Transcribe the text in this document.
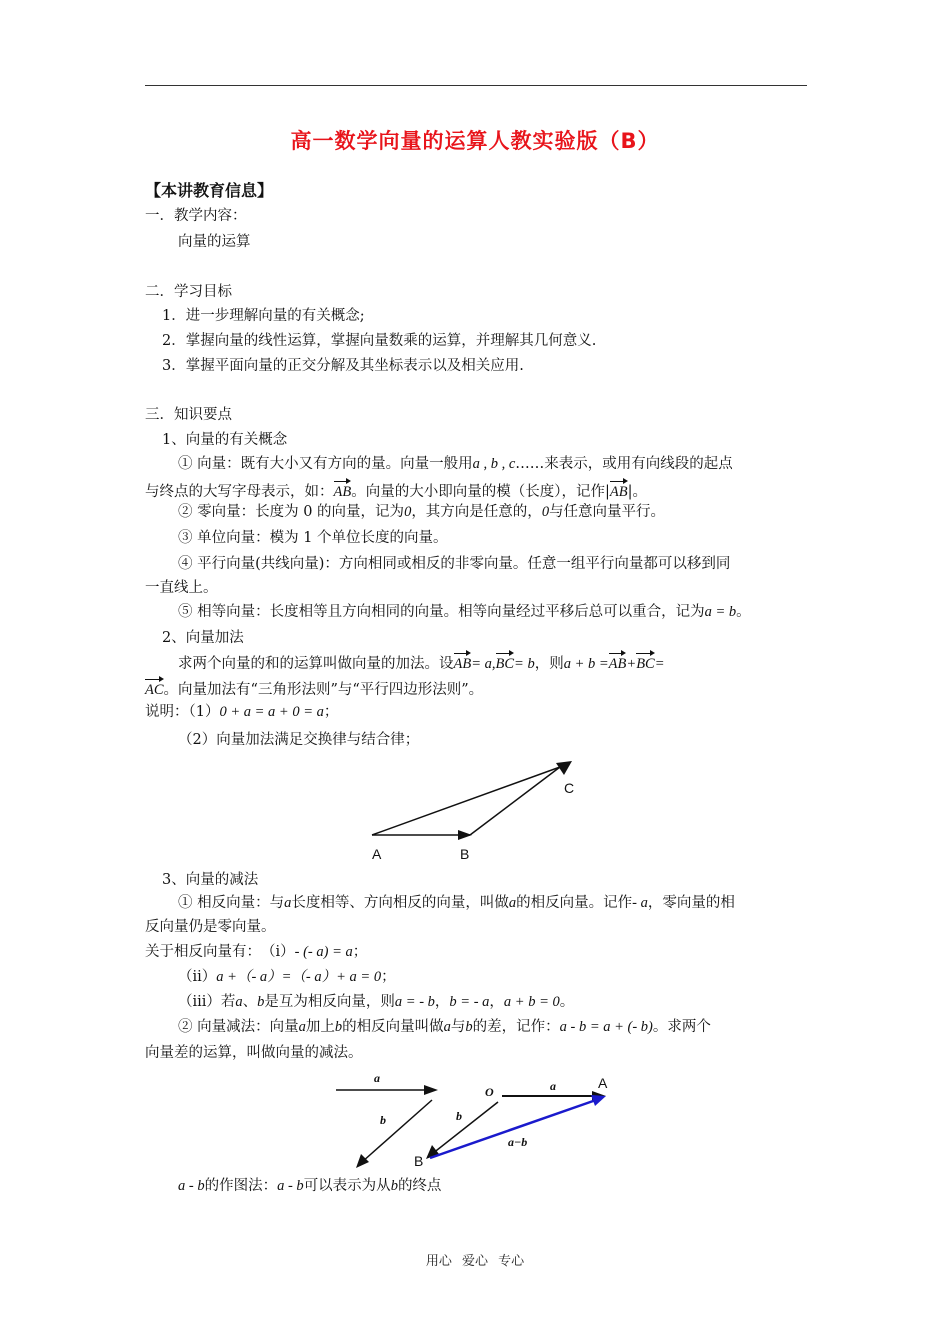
高一数学向量的运算人教实验版（B）
【本讲教育信息】
一．教学内容：
向量的运算
二．学习目标
1．进一步理解向量的有关概念;
2．掌握向量的线性运算，掌握向量数乘的运算，并理解其几何意义.
3．掌握平面向量的正交分解及其坐标表示以及相关应用.
三．知识要点
1、向量的有关概念
① 向量：既有大小又有方向的量。向量一般用a , b , c……来表示，或用有向线段的起点
与终点的大写字母表示，如：AB。向量的大小即向量的模（长度），记作|AB|。
② 零向量：长度为 0 的向量，记为0，其方向是任意的，0与任意向量平行。
③ 单位向量：模为 1 个单位长度的向量。
④ 平行向量(共线向量)：方向相同或相反的非零向量。任意一组平行向量都可以移到同
一直线上。
⑤ 相等向量：长度相等且方向相同的向量。相等向量经过平移后总可以重合，记为a = b。
2、向量加法
求两个向量的和的运算叫做向量的加法。设AB= a,BC= b，则a + b =AB+BC=
AC。向量加法有“三角形法则”与“平行四边形法则”。
说明：（1）0 + a = a + 0 = a；
（2）向量加法满足交换律与结合律；
A	B
C
3、向量的减法
① 相反向量：与a长度相等、方向相反的向量，叫做a的相反向量。记作- a，零向量的相
反向量仍是零向量。
关于相反向量有：　（i）- (- a) = a；
（ii）a +（- a）=（- a）+ a = 0；
（iii）若a、b是互为相反向量，则a = - b，b = - a，a + b = 0。
② 向量减法：向量a加上b的相反向量叫做a与b的差，记作：a - b = a + (- b)。求两个
向量差的运算，叫做向量的减法。
a
b
O	a	A
b
B
a−b
a - b的作图法：a - b可以表示为从b的终点
用心 爱心 专心
